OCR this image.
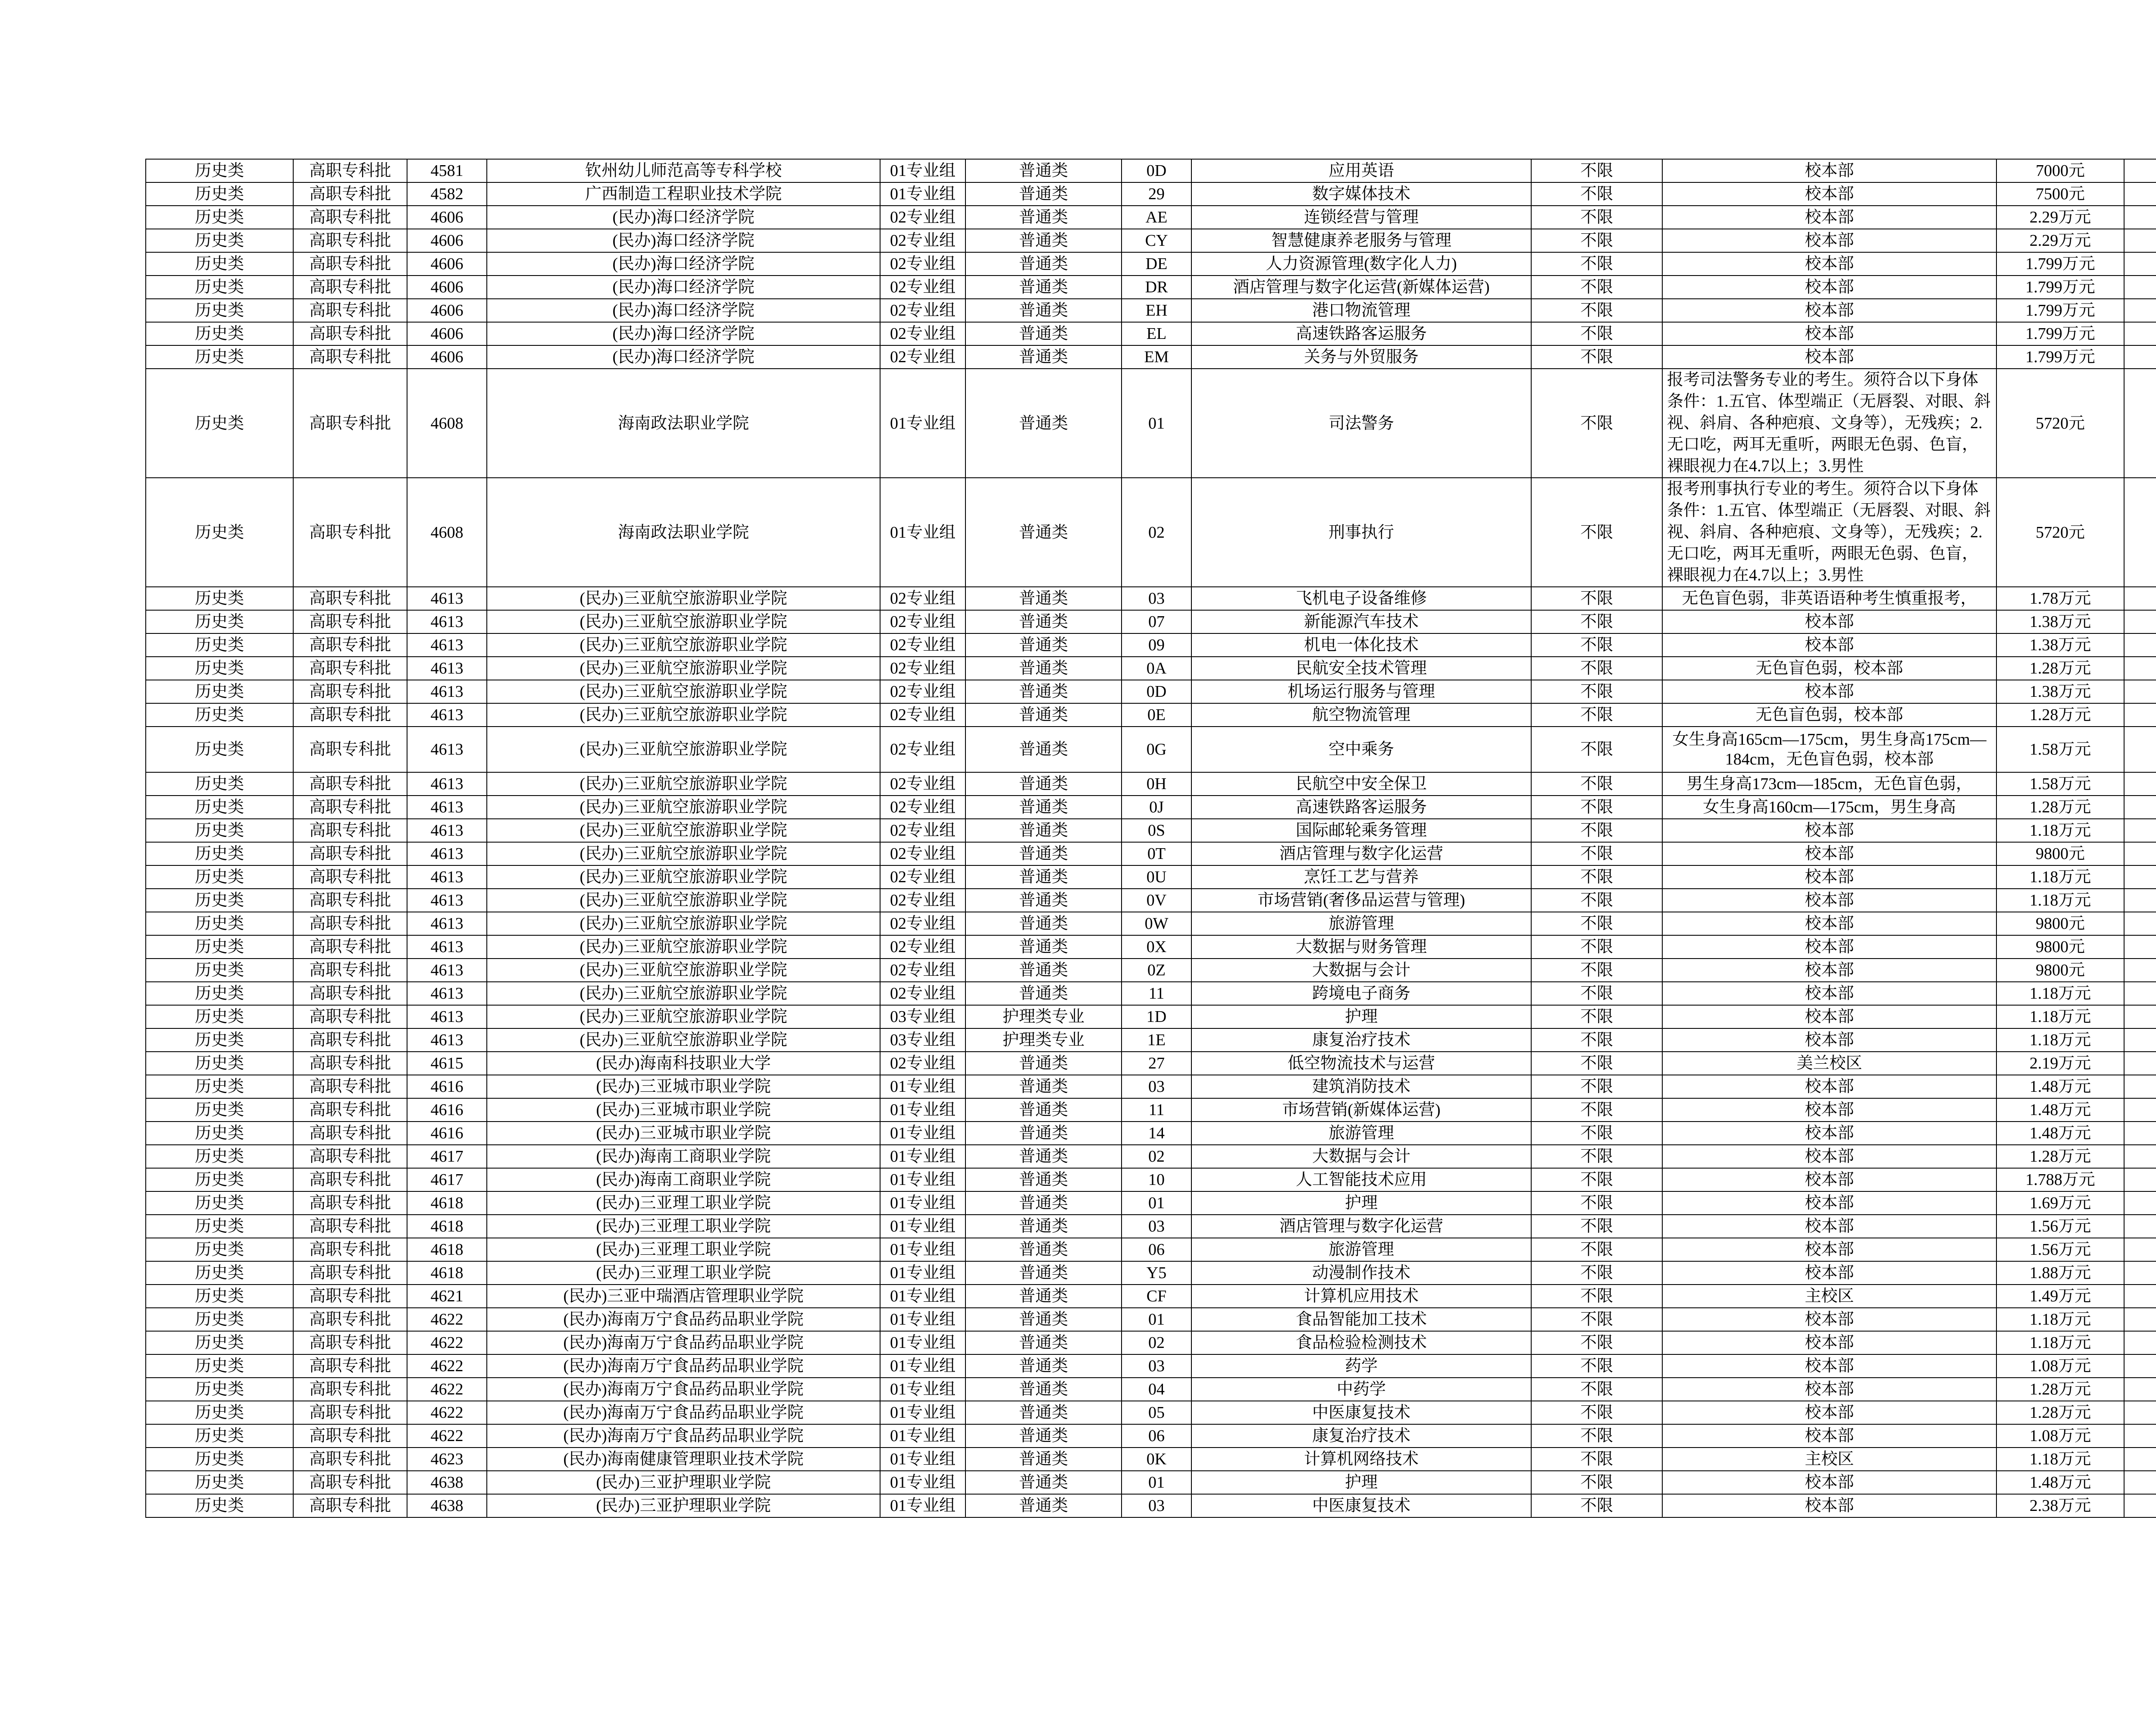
历史类	高职专科批	4581	钦州幼儿师范高等专科学校	01专业组	普通类	0D	应用英语	不限	校本部	7000元	
历史类	高职专科批	4582	广西制造工程职业技术学院	01专业组	普通类	29	数字媒体技术	不限	校本部	7500元	
历史类	高职专科批	4606	(民办)海口经济学院	02专业组	普通类	AE	连锁经营与管理	不限	校本部	2.29万元	
历史类	高职专科批	4606	(民办)海口经济学院	02专业组	普通类	CY	智慧健康养老服务与管理	不限	校本部	2.29万元	
历史类	高职专科批	4606	(民办)海口经济学院	02专业组	普通类	DE	人力资源管理(数字化人力)	不限	校本部	1.799万元	
历史类	高职专科批	4606	(民办)海口经济学院	02专业组	普通类	DR	酒店管理与数字化运营(新媒体运营)	不限	校本部	1.799万元	
历史类	高职专科批	4606	(民办)海口经济学院	02专业组	普通类	EH	港口物流管理	不限	校本部	1.799万元	
历史类	高职专科批	4606	(民办)海口经济学院	02专业组	普通类	EL	高速铁路客运服务	不限	校本部	1.799万元	
历史类	高职专科批	4606	(民办)海口经济学院	02专业组	普通类	EM	关务与外贸服务	不限	校本部	1.799万元	
历史类	高职专科批	4608	海南政法职业学院	01专业组	普通类	01	司法警务	不限	报考司法警务专业的考生。须符合以下身体条件：1.五官、体型端正（无唇裂、对眼、斜视、斜肩、各种疤痕、文身等），无残疾；2.无口吃，两耳无重听，两眼无色弱、色盲，裸眼视力在4.7以上；3.男性	5720元	
历史类	高职专科批	4608	海南政法职业学院	01专业组	普通类	02	刑事执行	不限	报考刑事执行专业的考生。须符合以下身体条件：1.五官、体型端正（无唇裂、对眼、斜视、斜肩、各种疤痕、文身等），无残疾；2.无口吃，两耳无重听，两眼无色弱、色盲，裸眼视力在4.7以上；3.男性	5720元	
历史类	高职专科批	4613	(民办)三亚航空旅游职业学院	02专业组	普通类	03	飞机电子设备维修	不限	无色盲色弱，非英语语种考生慎重报考，	1.78万元	
历史类	高职专科批	4613	(民办)三亚航空旅游职业学院	02专业组	普通类	07	新能源汽车技术	不限	校本部	1.38万元	
历史类	高职专科批	4613	(民办)三亚航空旅游职业学院	02专业组	普通类	09	机电一体化技术	不限	校本部	1.38万元	
历史类	高职专科批	4613	(民办)三亚航空旅游职业学院	02专业组	普通类	0A	民航安全技术管理	不限	无色盲色弱，校本部	1.28万元	
历史类	高职专科批	4613	(民办)三亚航空旅游职业学院	02专业组	普通类	0D	机场运行服务与管理	不限	校本部	1.38万元	
历史类	高职专科批	4613	(民办)三亚航空旅游职业学院	02专业组	普通类	0E	航空物流管理	不限	无色盲色弱，校本部	1.28万元	
历史类	高职专科批	4613	(民办)三亚航空旅游职业学院	02专业组	普通类	0G	空中乘务	不限	女生身高165cm—175cm，男生身高175cm—184cm，无色盲色弱，校本部	1.58万元	
历史类	高职专科批	4613	(民办)三亚航空旅游职业学院	02专业组	普通类	0H	民航空中安全保卫	不限	男生身高173cm—185cm，无色盲色弱，	1.58万元	
历史类	高职专科批	4613	(民办)三亚航空旅游职业学院	02专业组	普通类	0J	高速铁路客运服务	不限	女生身高160cm—175cm，男生身高	1.28万元	
历史类	高职专科批	4613	(民办)三亚航空旅游职业学院	02专业组	普通类	0S	国际邮轮乘务管理	不限	校本部	1.18万元	
历史类	高职专科批	4613	(民办)三亚航空旅游职业学院	02专业组	普通类	0T	酒店管理与数字化运营	不限	校本部	9800元	
历史类	高职专科批	4613	(民办)三亚航空旅游职业学院	02专业组	普通类	0U	烹饪工艺与营养	不限	校本部	1.18万元	
历史类	高职专科批	4613	(民办)三亚航空旅游职业学院	02专业组	普通类	0V	市场营销(奢侈品运营与管理)	不限	校本部	1.18万元	
历史类	高职专科批	4613	(民办)三亚航空旅游职业学院	02专业组	普通类	0W	旅游管理	不限	校本部	9800元	
历史类	高职专科批	4613	(民办)三亚航空旅游职业学院	02专业组	普通类	0X	大数据与财务管理	不限	校本部	9800元	
历史类	高职专科批	4613	(民办)三亚航空旅游职业学院	02专业组	普通类	0Z	大数据与会计	不限	校本部	9800元	
历史类	高职专科批	4613	(民办)三亚航空旅游职业学院	02专业组	普通类	11	跨境电子商务	不限	校本部	1.18万元	
历史类	高职专科批	4613	(民办)三亚航空旅游职业学院	03专业组	护理类专业	1D	护理	不限	校本部	1.18万元	
历史类	高职专科批	4613	(民办)三亚航空旅游职业学院	03专业组	护理类专业	1E	康复治疗技术	不限	校本部	1.18万元	
历史类	高职专科批	4615	(民办)海南科技职业大学	02专业组	普通类	27	低空物流技术与运营	不限	美兰校区	2.19万元	
历史类	高职专科批	4616	(民办)三亚城市职业学院	01专业组	普通类	03	建筑消防技术	不限	校本部	1.48万元	
历史类	高职专科批	4616	(民办)三亚城市职业学院	01专业组	普通类	11	市场营销(新媒体运营)	不限	校本部	1.48万元	
历史类	高职专科批	4616	(民办)三亚城市职业学院	01专业组	普通类	14	旅游管理	不限	校本部	1.48万元	
历史类	高职专科批	4617	(民办)海南工商职业学院	01专业组	普通类	02	大数据与会计	不限	校本部	1.28万元	
历史类	高职专科批	4617	(民办)海南工商职业学院	01专业组	普通类	10	人工智能技术应用	不限	校本部	1.788万元	
历史类	高职专科批	4618	(民办)三亚理工职业学院	01专业组	普通类	01	护理	不限	校本部	1.69万元	
历史类	高职专科批	4618	(民办)三亚理工职业学院	01专业组	普通类	03	酒店管理与数字化运营	不限	校本部	1.56万元	
历史类	高职专科批	4618	(民办)三亚理工职业学院	01专业组	普通类	06	旅游管理	不限	校本部	1.56万元	
历史类	高职专科批	4618	(民办)三亚理工职业学院	01专业组	普通类	Y5	动漫制作技术	不限	校本部	1.88万元	
历史类	高职专科批	4621	(民办)三亚中瑞酒店管理职业学院	01专业组	普通类	CF	计算机应用技术	不限	主校区	1.49万元	
历史类	高职专科批	4622	(民办)海南万宁食品药品职业学院	01专业组	普通类	01	食品智能加工技术	不限	校本部	1.18万元	
历史类	高职专科批	4622	(民办)海南万宁食品药品职业学院	01专业组	普通类	02	食品检验检测技术	不限	校本部	1.18万元	
历史类	高职专科批	4622	(民办)海南万宁食品药品职业学院	01专业组	普通类	03	药学	不限	校本部	1.08万元	
历史类	高职专科批	4622	(民办)海南万宁食品药品职业学院	01专业组	普通类	04	中药学	不限	校本部	1.28万元	
历史类	高职专科批	4622	(民办)海南万宁食品药品职业学院	01专业组	普通类	05	中医康复技术	不限	校本部	1.28万元	
历史类	高职专科批	4622	(民办)海南万宁食品药品职业学院	01专业组	普通类	06	康复治疗技术	不限	校本部	1.08万元	
历史类	高职专科批	4623	(民办)海南健康管理职业技术学院	01专业组	普通类	0K	计算机网络技术	不限	主校区	1.18万元	
历史类	高职专科批	4638	(民办)三亚护理职业学院	01专业组	普通类	01	护理	不限	校本部	1.48万元	
历史类	高职专科批	4638	(民办)三亚护理职业学院	01专业组	普通类	03	中医康复技术	不限	校本部	2.38万元	
